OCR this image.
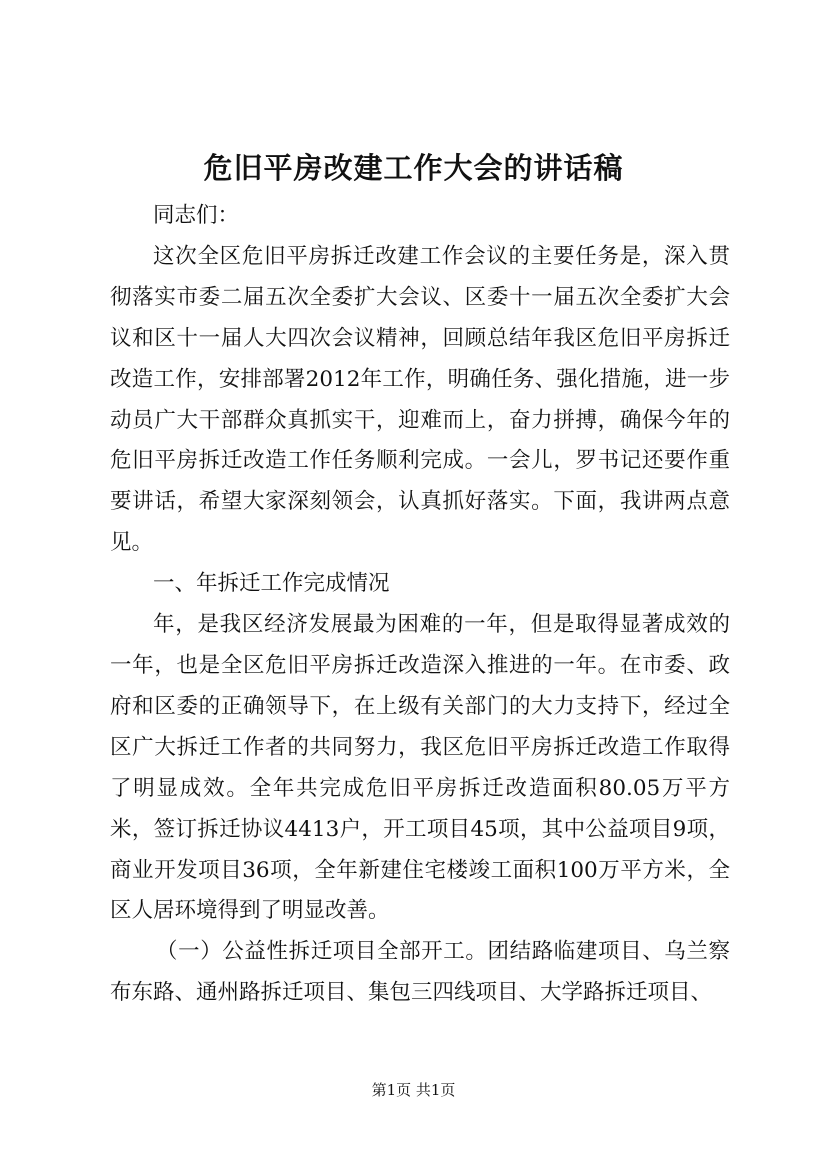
危旧平房改建工作大会的讲话稿

同志们：

这次全区危旧平房拆迁改建工作会议的主要任务是，深入贯彻落实市委二届五次全委扩大会议、区委十一届五次全委扩大会议和区十一届人大四次会议精神，回顾总结年我区危旧平房拆迁改造工作，安排部署2012年工作，明确任务、强化措施，进一步动员广大干部群众真抓实干，迎难而上，奋力拼搏，确保今年的危旧平房拆迁改造工作任务顺利完成。一会儿，罗书记还要作重要讲话，希望大家深刻领会，认真抓好落实。下面，我讲两点意见。

一、年拆迁工作完成情况

年，是我区经济发展最为困难的一年，但是取得显著成效的一年，也是全区危旧平房拆迁改造深入推进的一年。在市委、政府和区委的正确领导下，在上级有关部门的大力支持下，经过全区广大拆迁工作者的共同努力，我区危旧平房拆迁改造工作取得了明显成效。全年共完成危旧平房拆迁改造面积80.05万平方米，签订拆迁协议4413户，开工项目45项，其中公益项目9项，商业开发项目36项，全年新建住宅楼竣工面积100万平方米，全区人居环境得到了明显改善。

（一）公益性拆迁项目全部开工。团结路临建项目、乌兰察布东路、通州路拆迁项目、集包三四线项目、大学路拆迁项目、

第1页 共1页
